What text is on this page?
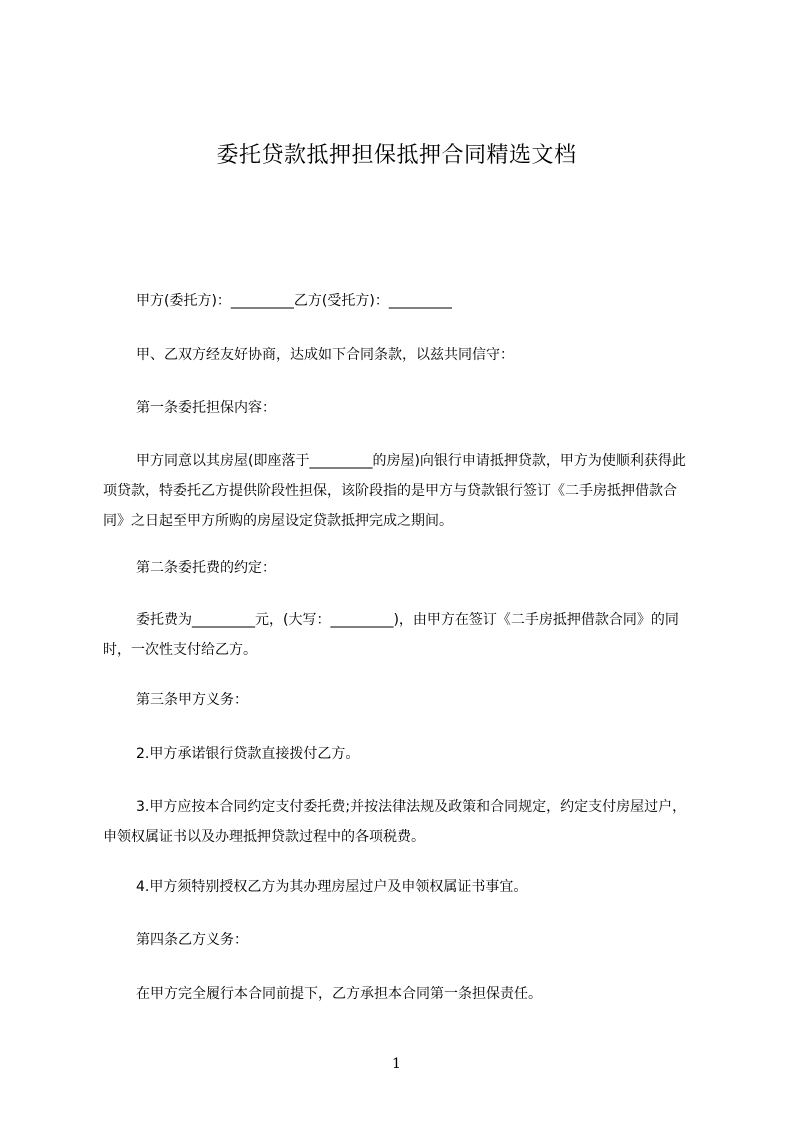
委托贷款抵押担保抵押合同精选文档

甲方(委托方)：_________乙方(受托方)：_________

甲、乙双方经友好协商，达成如下合同条款，以兹共同信守：

第一条委托担保内容：

甲方同意以其房屋(即座落于_________的房屋)向银行申请抵押贷款，甲方为使顺利获得此项贷款，特委托乙方提供阶段性担保，该阶段指的是甲方与贷款银行签订《二手房抵押借款合同》之日起至甲方所购的房屋设定贷款抵押完成之期间。

第二条委托费的约定：

委托费为_________元，(大写：_________)，由甲方在签订《二手房抵押借款合同》的同时，一次性支付给乙方。

第三条甲方义务：

2.甲方承诺银行贷款直接拨付乙方。

3.甲方应按本合同约定支付委托费;并按法律法规及政策和合同规定，约定支付房屋过户，申领权属证书以及办理抵押贷款过程中的各项税费。

4.甲方须特别授权乙方为其办理房屋过户及申领权属证书事宜。

第四条乙方义务：

在甲方完全履行本合同前提下，乙方承担本合同第一条担保责任。

1
